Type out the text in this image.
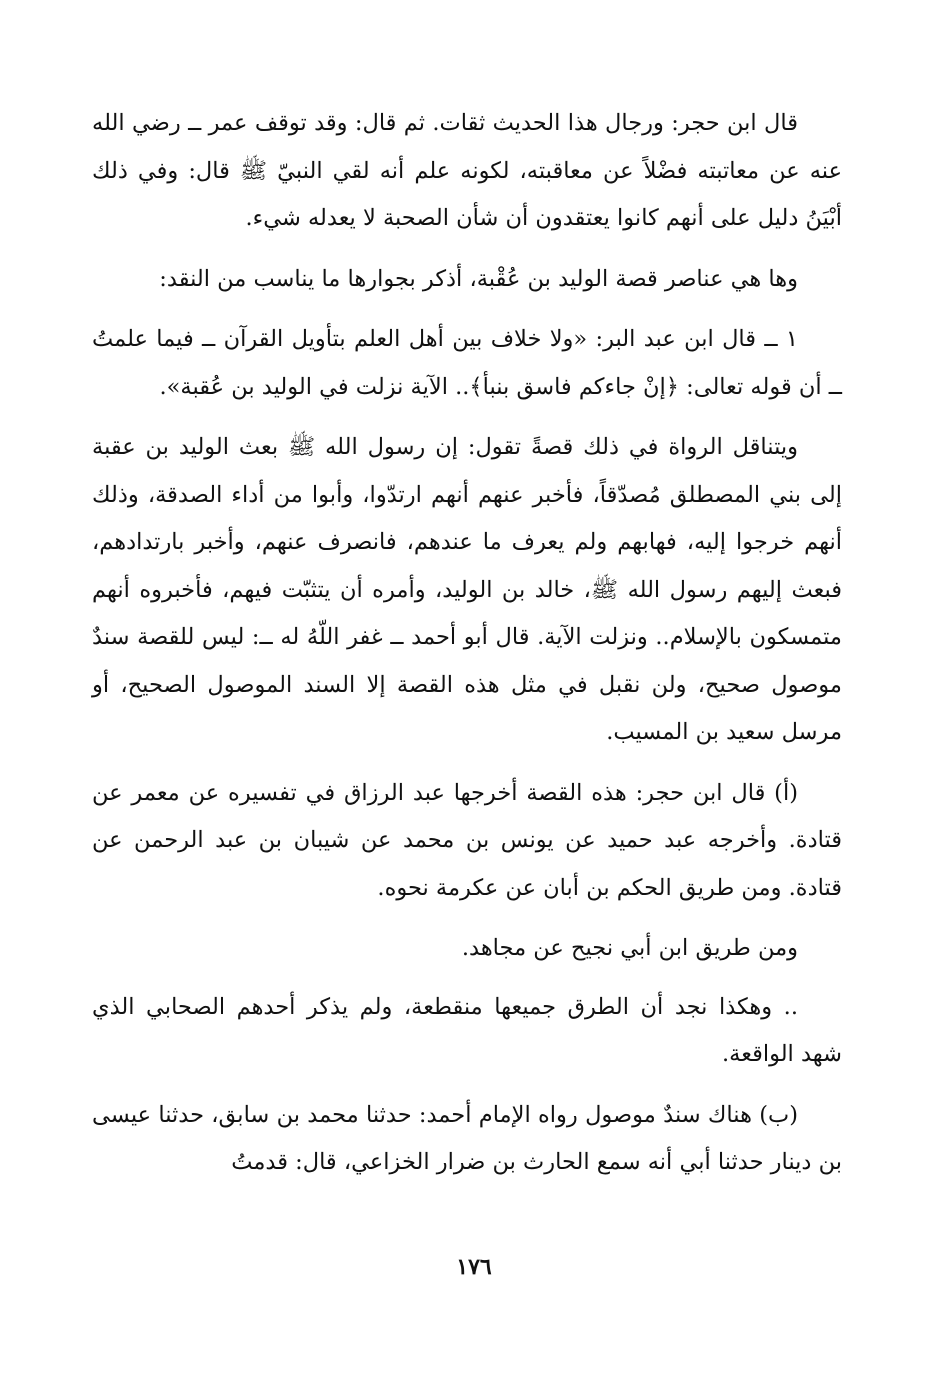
قال ابن حجر: ورجال هذا الحديث ثقات. ثم قال: وقد توقف عمر ــ رضي الله عنه عن معاتبته فضْلاً عن معاقبته، لكونه علم أنه لقي النبيّ ﷺ قال: وفي ذلك أبْيَنُ دليل على أنهم كانوا يعتقدون أن شأن الصحبة لا يعدله شيء.

وها هي عناصر قصة الوليد بن عُقْبة، أذكر بجوارها ما يناسب من النقد:

١ ــ قال ابن عبد البر: «ولا خلاف بين أهل العلم بتأويل القرآن ــ فيما علمتُ ــ أن قوله تعالى: ﴿إنْ جاءكم فاسق بنبأ﴾.. الآية نزلت في الوليد بن عُقبة».

ويتناقل الرواة في ذلك قصةً تقول: إن رسول الله ﷺ بعث الوليد بن عقبة إلى بني المصطلق مُصدّقاً، فأخبر عنهم أنهم ارتدّوا، وأبوا من أداء الصدقة، وذلك أنهم خرجوا إليه، فهابهم ولم يعرف ما عندهم، فانصرف عنهم، وأخبر بارتدادهم، فبعث إليهم رسول الله ﷺ، خالد بن الوليد، وأمره أن يتثبّت فيهم، فأخبروه أنهم متمسكون بالإسلام.. ونزلت الآية. قال أبو أحمد ــ غفر اللّهُ له ــ: ليس للقصة سندٌ موصول صحيح، ولن نقبل في مثل هذه القصة إلا السند الموصول الصحيح، أو مرسل سعيد بن المسيب.

(أ) قال ابن حجر: هذه القصة أخرجها عبد الرزاق في تفسيره عن معمر عن قتادة. وأخرجه عبد حميد عن يونس بن محمد عن شيبان بن عبد الرحمن عن قتادة. ومن طريق الحكم بن أبان عن عكرمة نحوه.

ومن طريق ابن أبي نجيح عن مجاهد.

.. وهكذا نجد أن الطرق جميعها منقطعة، ولم يذكر أحدهم الصحابي الذي شهد الواقعة.

(ب) هناك سندٌ موصول رواه الإمام أحمد: حدثنا محمد بن سابق، حدثنا عيسى بن دينار حدثنا أبي أنه سمع الحارث بن ضرار الخزاعي، قال: قدمتُ

١٧٦
